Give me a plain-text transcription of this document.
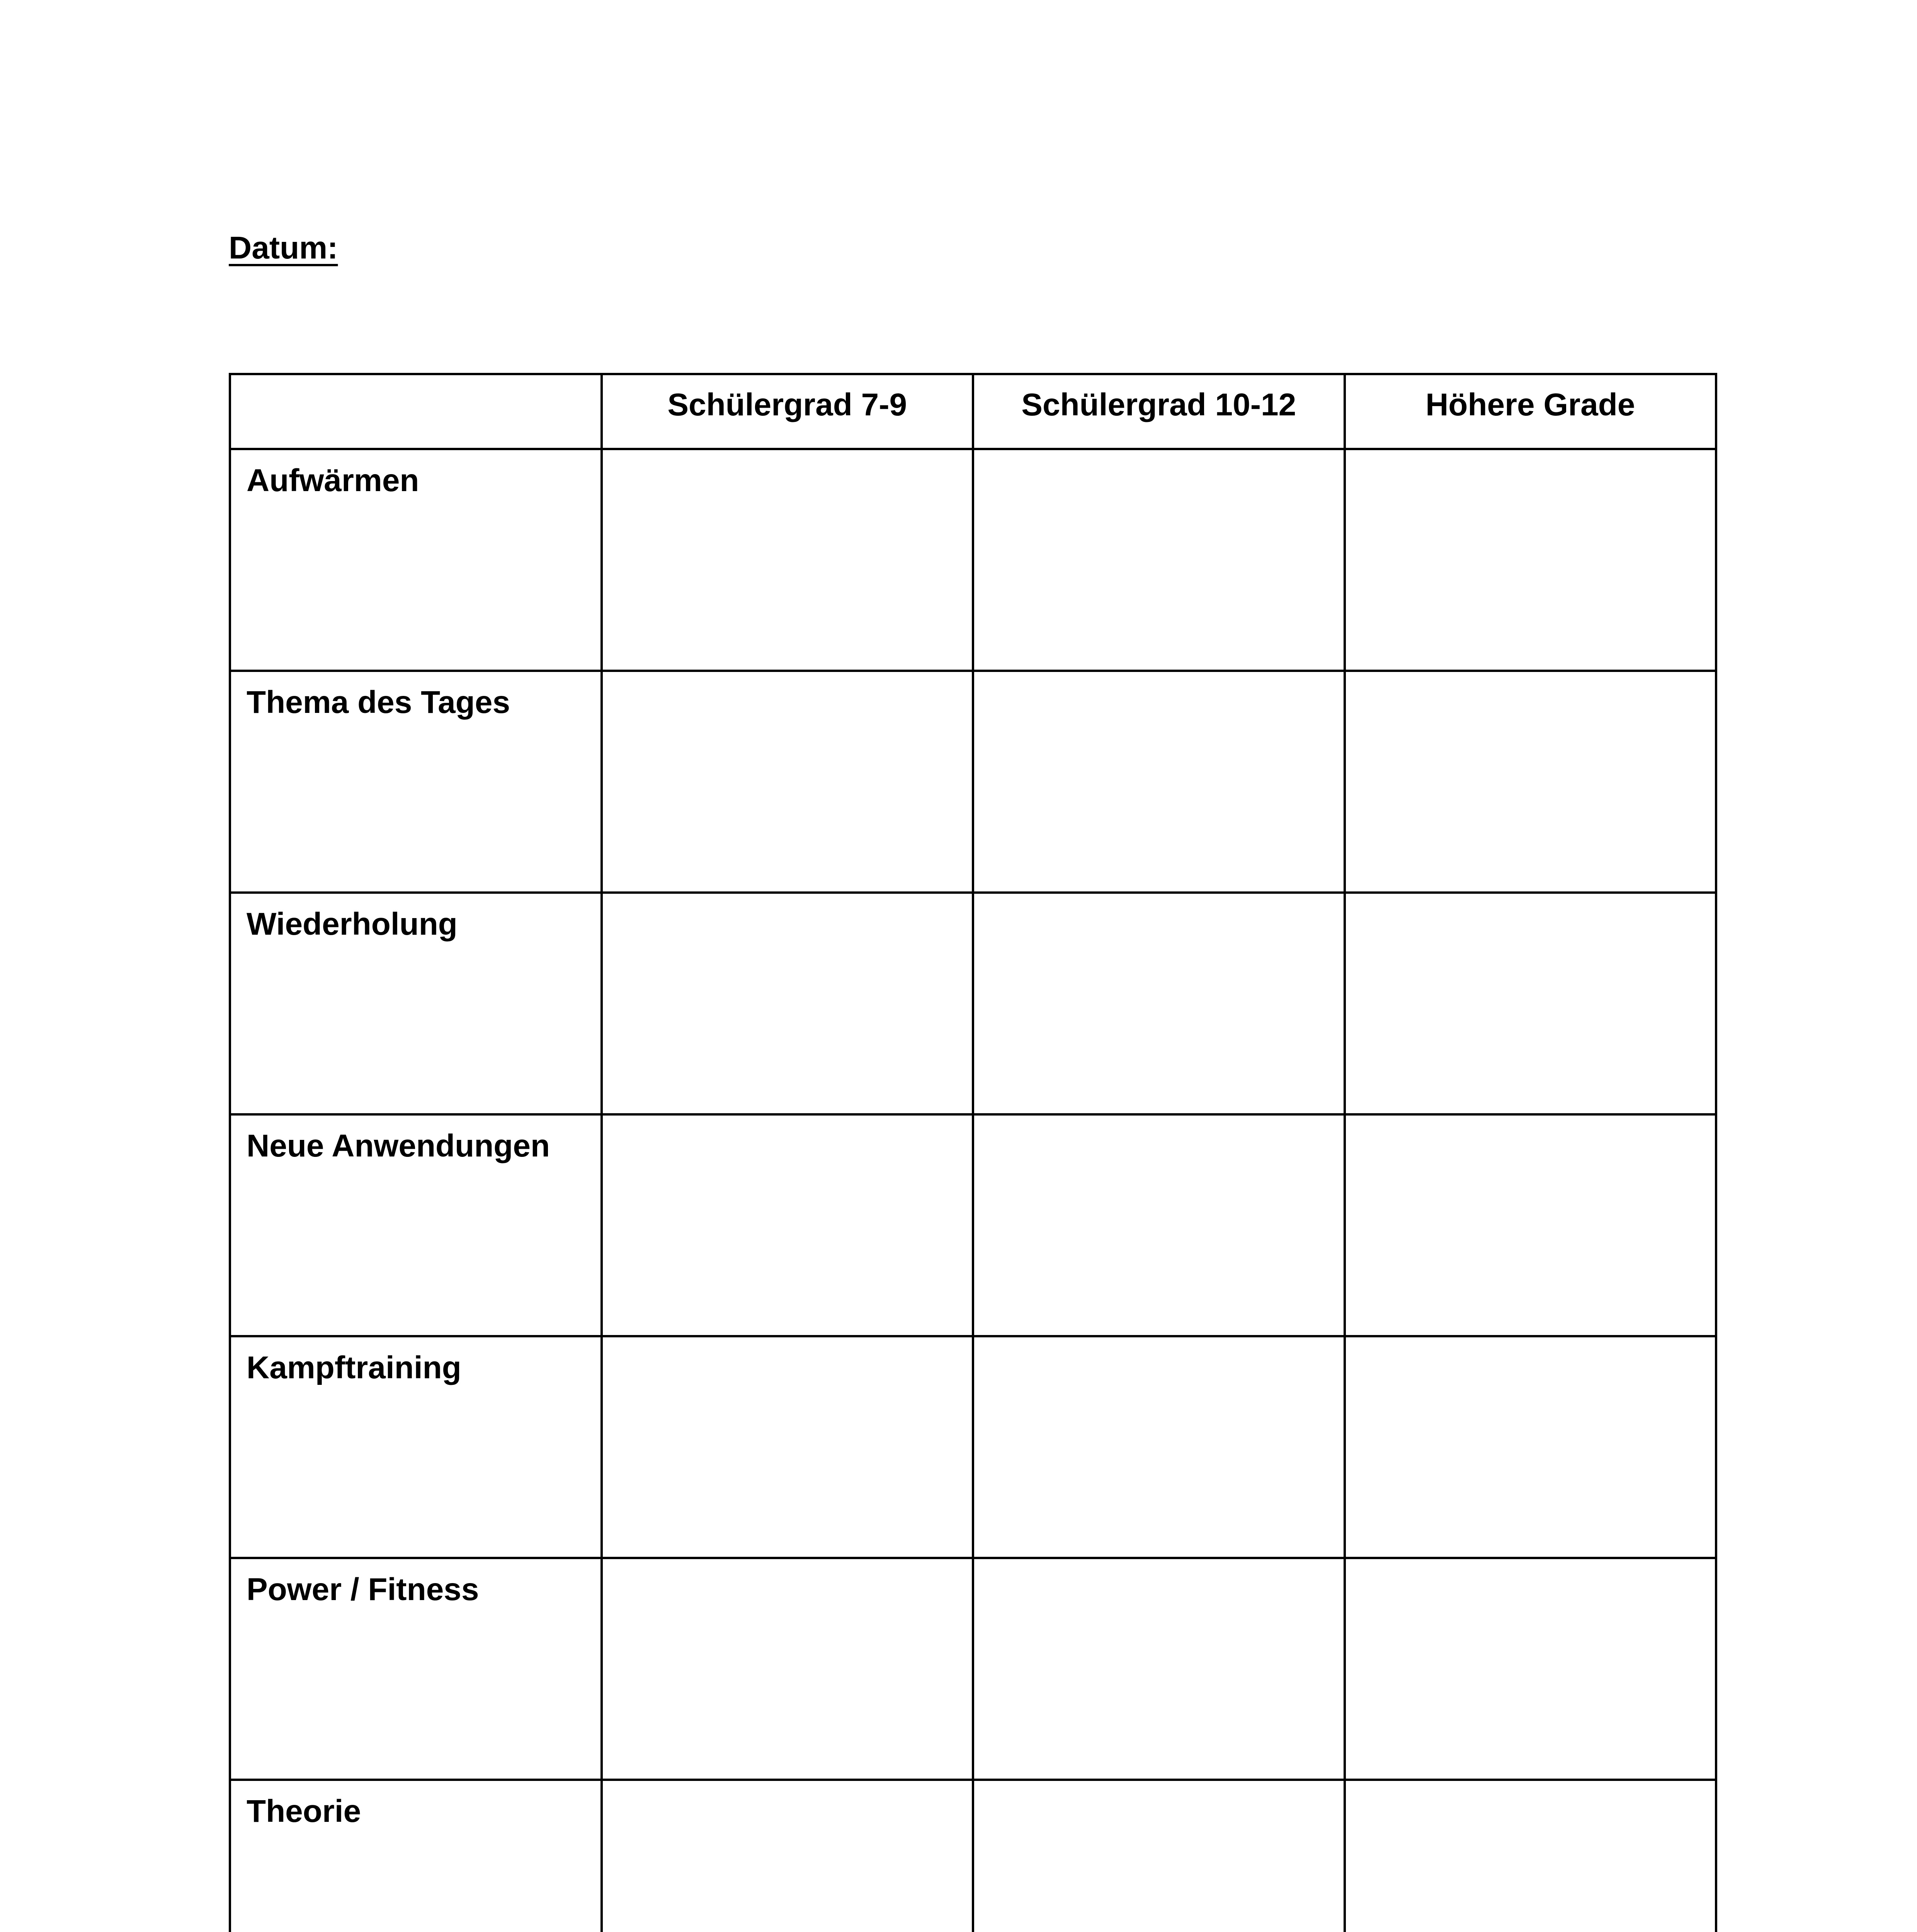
Datum:
	Schülergrad 7-9	Schülergrad 10-12	Höhere Grade
Aufwärmen			
Thema des Tages			
Wiederholung			
Neue Anwendungen			
Kampftraining			
Power / Fitness			
Theorie			
